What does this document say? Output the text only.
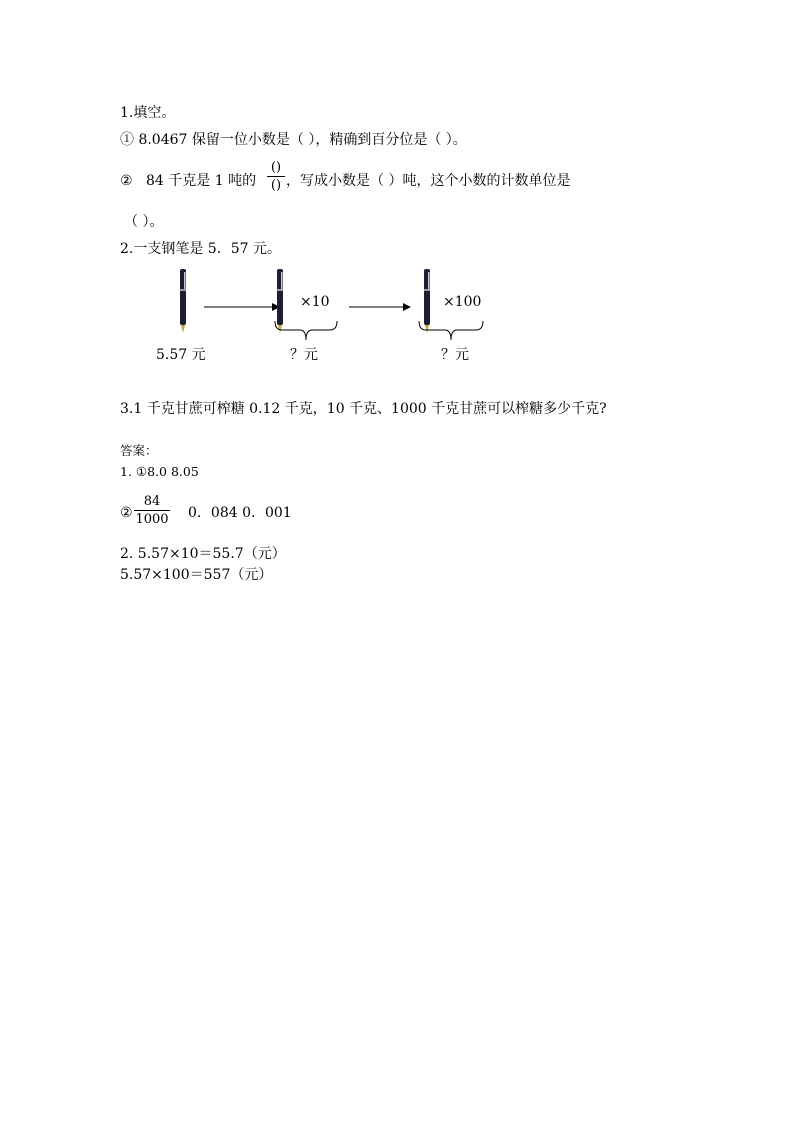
1.填空。
① 8.0467 保留一位小数是（ ），精确到百分位是（ ）。
② 84 千克是 1 吨的
()
() ，写成小数是（ ）吨，这个小数的计数单位是
（ ）。
2.一支钢笔是 5．57 元。
×10
？元
×100
？元
5.57 元
3.1 千克甘蔗可榨糖 0.12 千克，10 千克、1000 千克甘蔗可以榨糖多少千克?
答案：
1. ①8.0 8.05
②
84
1000 0．084 0．001
2. 5.57×10＝55.7（元）
5.57×100＝557（元）
